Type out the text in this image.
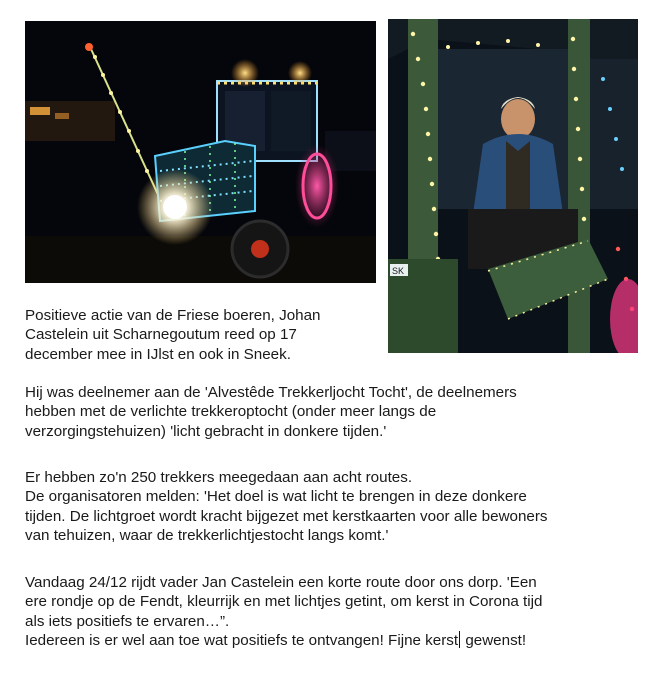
SK
Positieve actie van de Friese boeren, Johan
Castelein uit Scharnegoutum reed op 17
december mee in IJlst en ook in Sneek.
Hij was deelnemer aan de 'Alvestêde Trekkerljocht Tocht', de deelnemers
hebben met de verlichte trekkeroptocht (onder meer langs de
verzorgingstehuizen) 'licht gebracht in donkere tijden.'
Er hebben zo'n 250 trekkers meegedaan aan acht routes.
De organisatoren melden: 'Het doel is wat licht te brengen in deze donkere
tijden. De lichtgroet wordt kracht bijgezet met kerstkaarten voor alle bewoners
van tehuizen, waar de trekkerlichtjestocht langs komt.'
Vandaag 24/12 rijdt vader Jan Castelein een korte route door ons dorp. 'Een
ere rondje op de Fendt, kleurrijk en met lichtjes getint, om kerst in Corona tijd
als iets positiefs te ervaren…”.
Iedereen is er wel aan toe wat positiefs te ontvangen! Fijne kerst gewenst!
